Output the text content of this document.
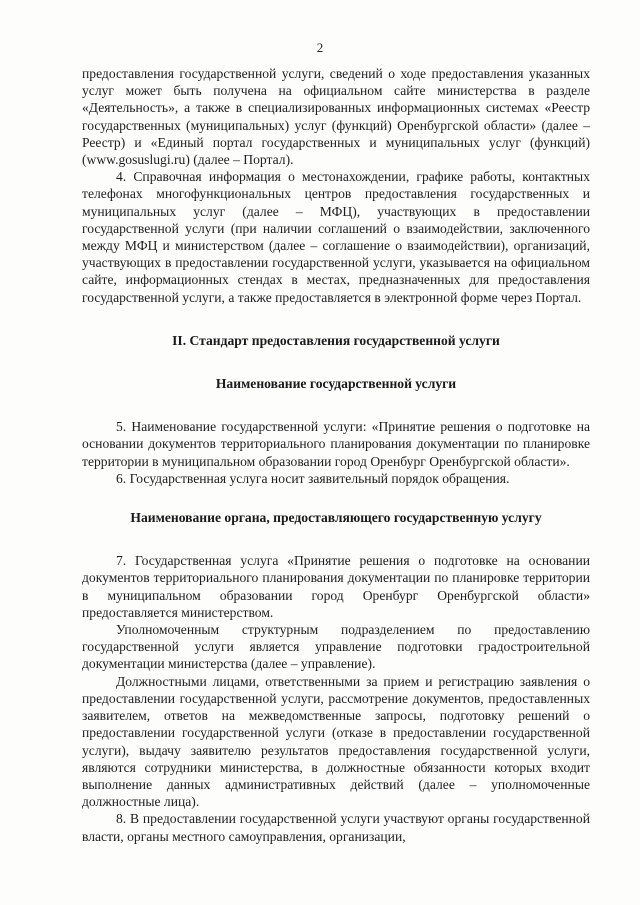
2

предоставления государственной услуги, сведений о ходе предоставления указанных услуг может быть получена на официальном сайте министерства в разделе «Деятельность», а также в специализированных информационных системах «Реестр государственных (муниципальных) услуг (функций) Оренбургской области» (далее – Реестр) и «Единый портал государственных и муниципальных услуг (функций) (www.gosuslugi.ru) (далее – Портал).

4. Справочная информация о местонахождении, графике работы, контактных телефонах многофункциональных центров предоставления государственных и муниципальных услуг (далее – МФЦ), участвующих в предоставлении государственной услуги (при наличии соглашений о взаимодействии, заключенного между МФЦ и министерством (далее – соглашение о взаимодействии), организаций, участвующих в предоставлении государственной услуги, указывается на официальном сайте, информационных стендах в местах, предназначенных для предоставления государственной услуги, а также предоставляется в электронной форме через Портал.

II. Стандарт предоставления государственной услуги
Наименование государственной услуги

5. Наименование государственной услуги: «Принятие решения о подготовке на основании документов территориального планирования документации по планировке территории в муниципальном образовании город Оренбург Оренбургской области».

6. Государственная услуга носит заявительный порядок обращения.

Наименование органа, предоставляющего государственную услугу

7. Государственная услуга «Принятие решения о подготовке на основании документов территориального планирования документации по планировке территории в муниципальном образовании город Оренбург Оренбургской области» предоставляется министерством.

Уполномоченным структурным подразделением по предоставлению государственной услуги является управление подготовки градостроительной документации министерства (далее – управление).

Должностными лицами, ответственными за прием и регистрацию заявления о предоставлении государственной услуги, рассмотрение документов, предоставленных заявителем, ответов на межведомственные запросы, подготовку решений о предоставлении государственной услуги (отказе в предоставлении государственной услуги), выдачу заявителю результатов предоставления государственной услуги, являются сотрудники министерства, в должностные обязанности которых входит выполнение данных административных действий (далее – уполномоченные должностные лица).

8. В предоставлении государственной услуги участвуют органы государственной власти, органы местного самоуправления, организации,
